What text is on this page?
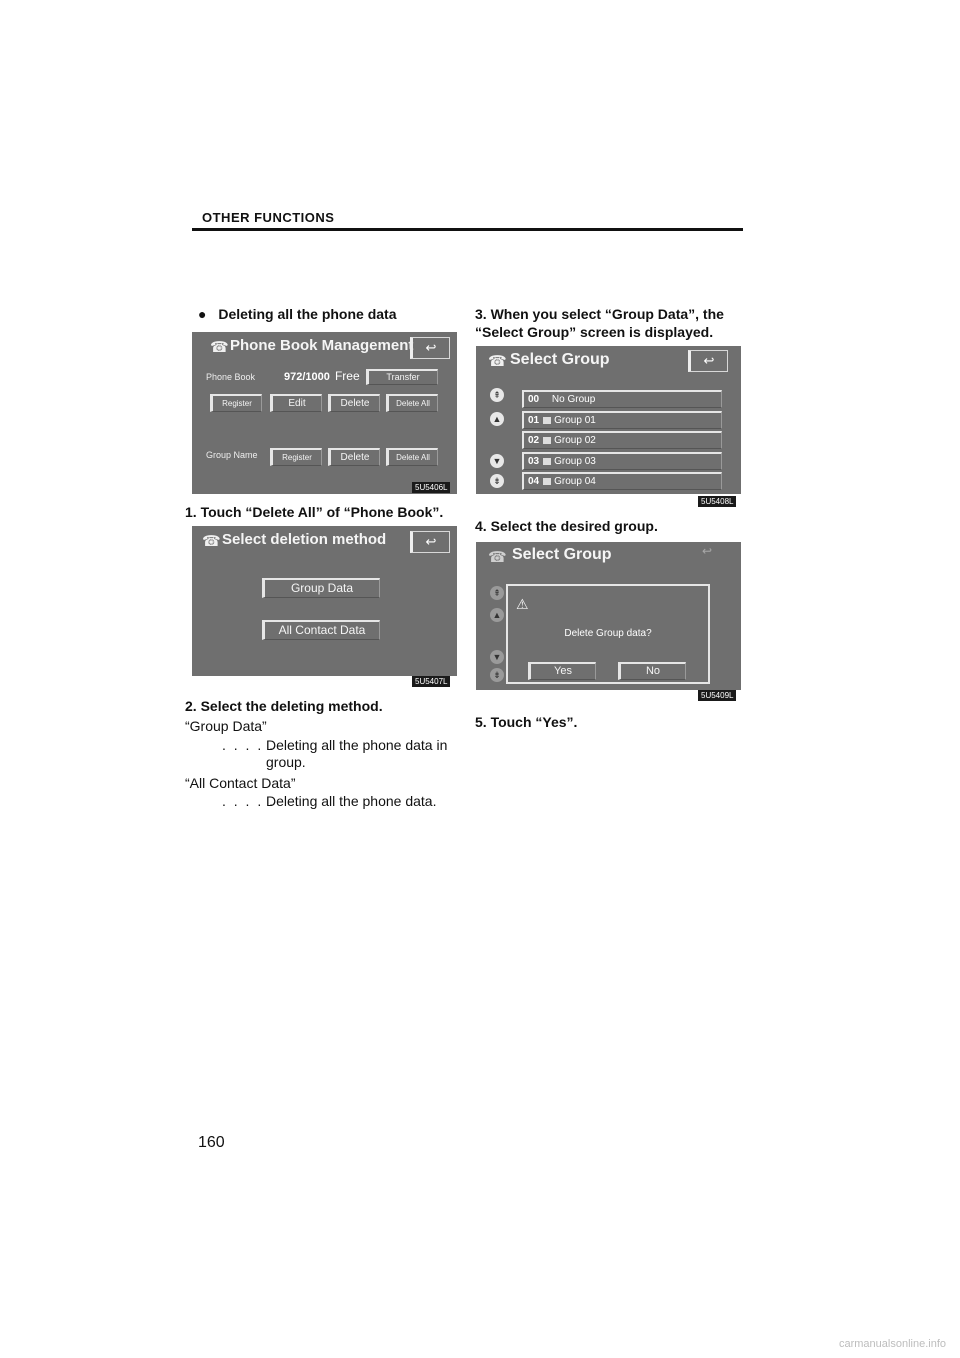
OTHER FUNCTIONS
● Deleting all the phone data
☎ Phone Book Management ↩
Phone Book	972/1000 Free	Transfer
Register	Edit	Delete	Delete All
Group Name	Register	Delete	Delete All
5U5406L
1. Touch “Delete All” of “Phone Book”.
☎ Select deletion method	↩
Group Data
All Contact Data
5U5407L
2. Select the deleting method.
“Group Data”
. . . . .
Deleting all the phone data in
group.
“All Contact Data”
. . . . .
Deleting all the phone data.
3. When you select “Group Data”, the
“Select Group” screen is displayed.
☎ Select Group	↩
⇞
▲
▼
⇟
00 No Group
01 Group 01
02 Group 02
03 Group 03
04 Group 04
5U5408L
4. Select the desired group.
☎ Select Group	↩
⇞
▲
▼
⇟
⚠
Delete Group data?
Yes	No
5U5409L
5. Touch “Yes”.
160
carmanualsonline.info
